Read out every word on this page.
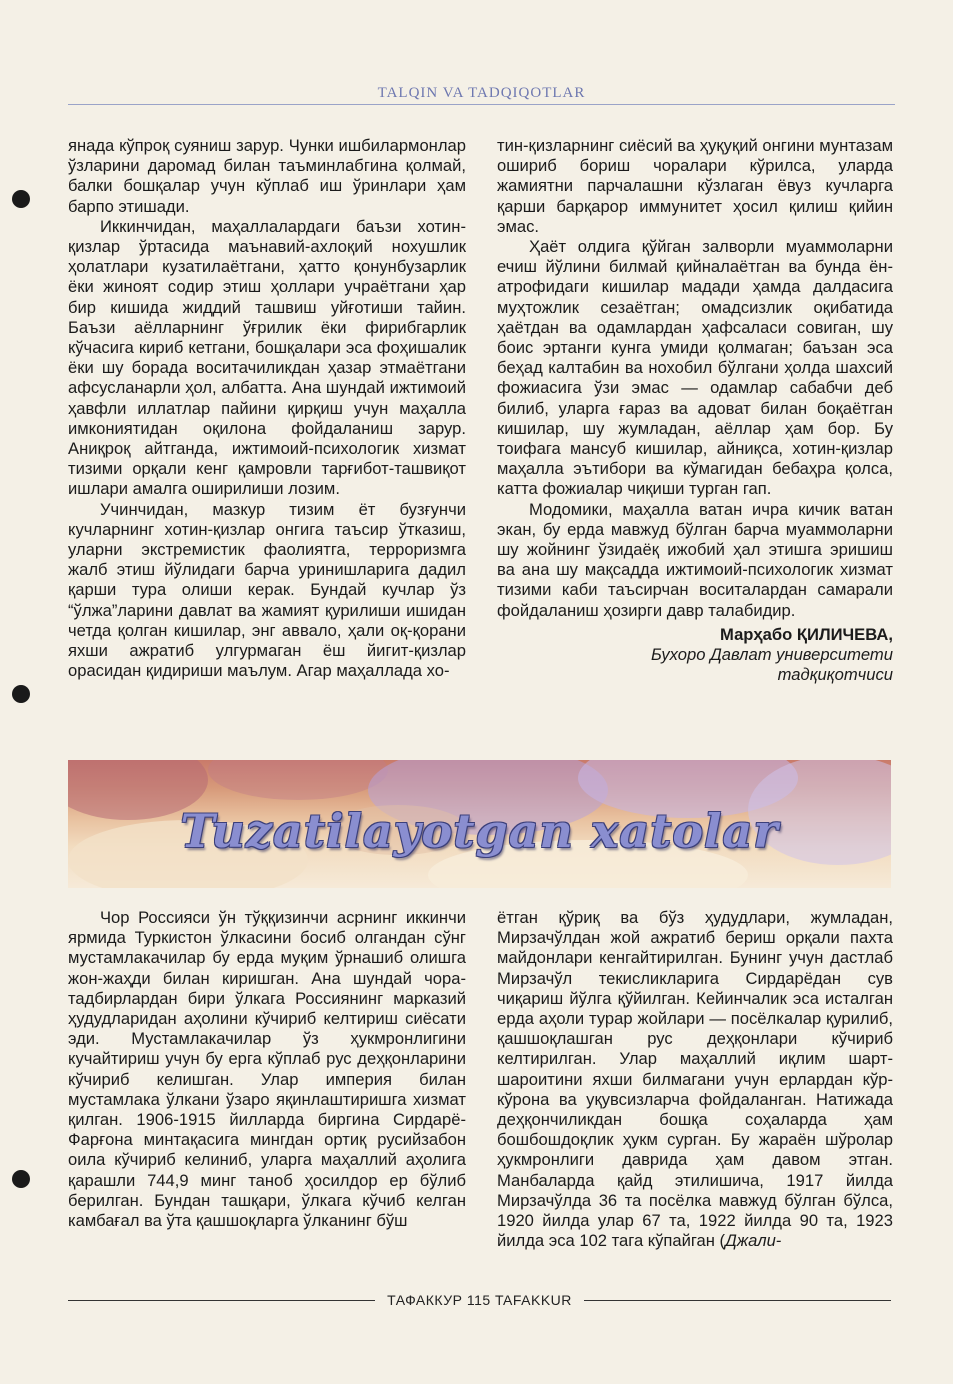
TALQIN VA TADQIQOTLAR

янада кўпроқ суяниш зарур. Чунки ишбилармонлар ўзларини даромад билан таъминлабгина қолмай, балки бошқалар учун кўплаб иш ўринлари ҳам барпо этишади.

Иккинчидан, маҳаллалардаги баъзи хотин-қизлар ўртасида маънавий-ахлоқий нохушлик ҳолатлари кузатилаётгани, ҳатто қонунбузарлик ёки жиноят содир этиш ҳоллари учраётгани ҳар бир кишида жиддий ташвиш уйғотиши тайин. Баъзи аёлларнинг ўғрилик ёки фирибгарлик кўчасига кириб кетгани, бошқалари эса фоҳишалик ёки шу борада воситачиликдан ҳазар этмаётгани афсусланарли ҳол, албатта. Ана шундай ижтимоий ҳавфли иллатлар пайини қирқиш учун маҳалла имкониятидан оқилона фойдаланиш зарур. Аниқроқ айтганда, ижтимоий-психологик хизмат тизими орқали кенг қамровли тарғибот-ташвиқот ишлари амалга оширилиши лозим.

Учинчидан, мазкур тизим ёт бузғунчи кучларнинг хотин-қизлар онгига таъсир ўтказиш, уларни экстремистик фаолиятга, терроризмга жалб этиш йўлидаги барча уринишларига дадил қарши тура олиши керак. Бундай кучлар ўз “ўлжа”ларини давлат ва жамият қурилиши ишидан четда қолган кишилар, энг аввало, ҳали оқ-қорани яхши ажратиб улгурмаган ёш йигит-қизлар орасидан қидириши маълум. Агар маҳаллада хо-

тин-қизларнинг сиёсий ва ҳуқуқий онгини мунтазам ошириб бориш чоралари кўрилса, уларда жамиятни парчалашни кўзлаган ёвуз кучларга қарши барқарор иммунитет ҳосил қилиш қийин эмас.

Ҳаёт олдига қўйган залворли муаммоларни ечиш йўлини билмай қийналаётган ва бунда ён-атрофидаги кишилар мадади ҳамда далдасига муҳтожлик сезаётган; омадсизлик оқибатида ҳаётдан ва одамлардан ҳафсаласи совиган, шу боис эртанги кунга умиди қолмаган; баъзан эса беҳад калтабин ва нохобил бўлгани ҳолда шахсий фожиасига ўзи эмас — одамлар сабабчи деб билиб, уларга ғараз ва адоват билан боқаётган кишилар, шу жумладан, аёллар ҳам бор. Бу тоифага мансуб кишилар, айниқса, хотин-қизлар маҳалла эътибори ва кўмагидан бебаҳра қолса, катта фожиалар чиқиши турган гап.

Модомики, маҳалла ватан ичра кичик ватан экан, бу ерда мавжуд бўлган барча муаммоларни шу жойнинг ўзидаёқ ижобий ҳал этишга эришиш ва ана шу мақсадда ижтимоий-психологик хизмат тизими каби таъсирчан воситалардан самарали фойдаланиш ҳозирги давр талабидир.

Марҳабо ҚИЛИЧЕВА,

Бухоро Давлат университети

тадқиқотчиси

Tuzatilayotgan xatolar

Чор Россияси ўн тўққизинчи асрнинг иккинчи ярмида Туркистон ўлкасини босиб олгандан сўнг мустамлакачилар бу ерда муқим ўрнашиб олишга жон-жаҳди билан киришган. Ана шундай чора-тадбирлардан бири ўлкага Россиянинг марказий ҳудудларидан аҳолини кўчириб келтириш сиёсати эди. Мустамлакачилар ўз ҳукмронлигини кучайтириш учун бу ерга кўплаб рус деҳқонларини кўчириб келишган. Улар империя билан мустамлака ўлкани ўзаро яқинлаштиришга хизмат қилган. 1906-1915 йилларда биргина Сирдарё-Фарғона минтақасига мингдан ортиқ русийзабон оила кўчириб келиниб, уларга маҳаллий аҳолига қарашли 744,9 минг таноб ҳосилдор ер бўлиб берилган. Бундан ташқари, ўлкага кўчиб келган камбағал ва ўта қашшоқларга ўлканинг бўш

ётган қўриқ ва бўз ҳудудлари, жумладан, Мирзачўлдан жой ажратиб бериш орқали пахта майдонлари кенгайтирилган. Бунинг учун дастлаб Мирзачўл текисликларига Сирдарёдан сув чиқариш йўлга қўйилган. Кейинчалик эса исталган ерда аҳоли турар жойлари — посёлкалар қурилиб, қашшоқлашган рус деҳқонлари кўчириб келтирилган. Улар маҳаллий иқлим шарт-шароитини яхши билмагани учун ерлардан кўр-кўрона ва уқувсизларча фойдаланган. Натижада деҳқончиликдан бошқа соҳаларда ҳам бошбошдоқлик ҳукм сурган. Бу жараён шўролар ҳукмронлиги даврида ҳам давом этган. Манбаларда қайд этилишича, 1917 йилда Мирзачўлда 36 та посёлка мавжуд бўлган бўлса, 1920 йилда улар 67 та, 1922 йилда 90 та, 1923 йилда эса 102 тага кўпайган (Джали-

ТАФАККУР 115 TAFAKKUR
